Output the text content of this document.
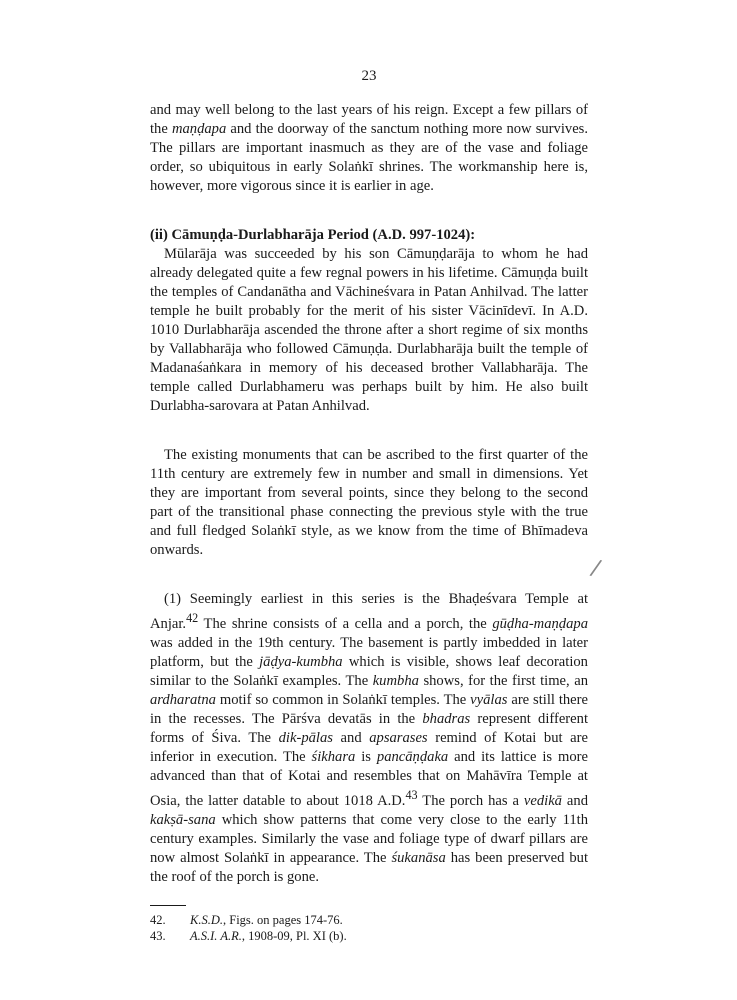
23

and may well belong to the last years of his reign. Except a few pillars of the maṇḍapa and the doorway of the sanctum nothing more now survives. The pillars are important inasmuch as they are of the vase and foliage order, so ubiquitous in early Solaṅkī shrines. The workmanship here is, however, more vigorous since it is earlier in age.

(ii) Cāmuṇḍa-Durlabharāja Period (A.D. 997-1024):

Mūlarāja was succeeded by his son Cāmuṇḍarāja to whom he had already delegated quite a few regnal powers in his lifetime. Cāmuṇḍa built the temples of Candanātha and Vāchineśvara in Patan Anhilvad. The latter temple he built probably for the merit of his sister Vācinīdevī. In A.D. 1010 Durlabharāja ascended the throne after a short regime of six months by Vallabharāja who followed Cāmuṇḍa. Durlabharāja built the temple of Madanaśaṅkara in memory of his deceased brother Vallabharāja. The temple called Durlabhameru was perhaps built by him. He also built Durlabha-sarovara at Patan Anhilvad.

The existing monuments that can be ascribed to the first quarter of the 11th century are extremely few in number and small in dimensions. Yet they are important from several points, since they belong to the second part of the transitional phase connecting the previous style with the true and full fledged Solaṅkī style, as we know from the time of Bhīmadeva onwards.

(1) Seemingly earliest in this series is the Bhaḍeśvara Temple at Anjar.$^{42}$ The shrine consists of a cella and a porch, the gūḍha-maṇḍapa was added in the 19th century. The basement is partly imbedded in later platform, but the jāḍya-kumbha which is visible, shows leaf decoration similar to the Solaṅkī examples. The kumbha shows, for the first time, an ardharatna motif so common in Solaṅkī temples. The vyālas are still there in the recesses. The Pārśva devatās in the bhadras represent different forms of Śiva. The dik-pālas and apsarases remind of Kotai but are inferior in execution. The śikhara is pancāṇḍaka and its lattice is more advanced than that of Kotai and resembles that on Mahāvīra Temple at Osia, the latter datable to about 1018 A.D.$^{43}$ The porch has a vedikā and kakṣā-sana which show patterns that come very close to the early 11th century examples. Similarly the vase and foliage type of dwarf pillars are now almost Solaṅkī in appearance. The śukanāsa has been preserved but the roof of the porch is gone.

42.	K.S.D., Figs. on pages 174-76.
43.	A.S.I. A.R., 1908-09, Pl. XI (b).
/
